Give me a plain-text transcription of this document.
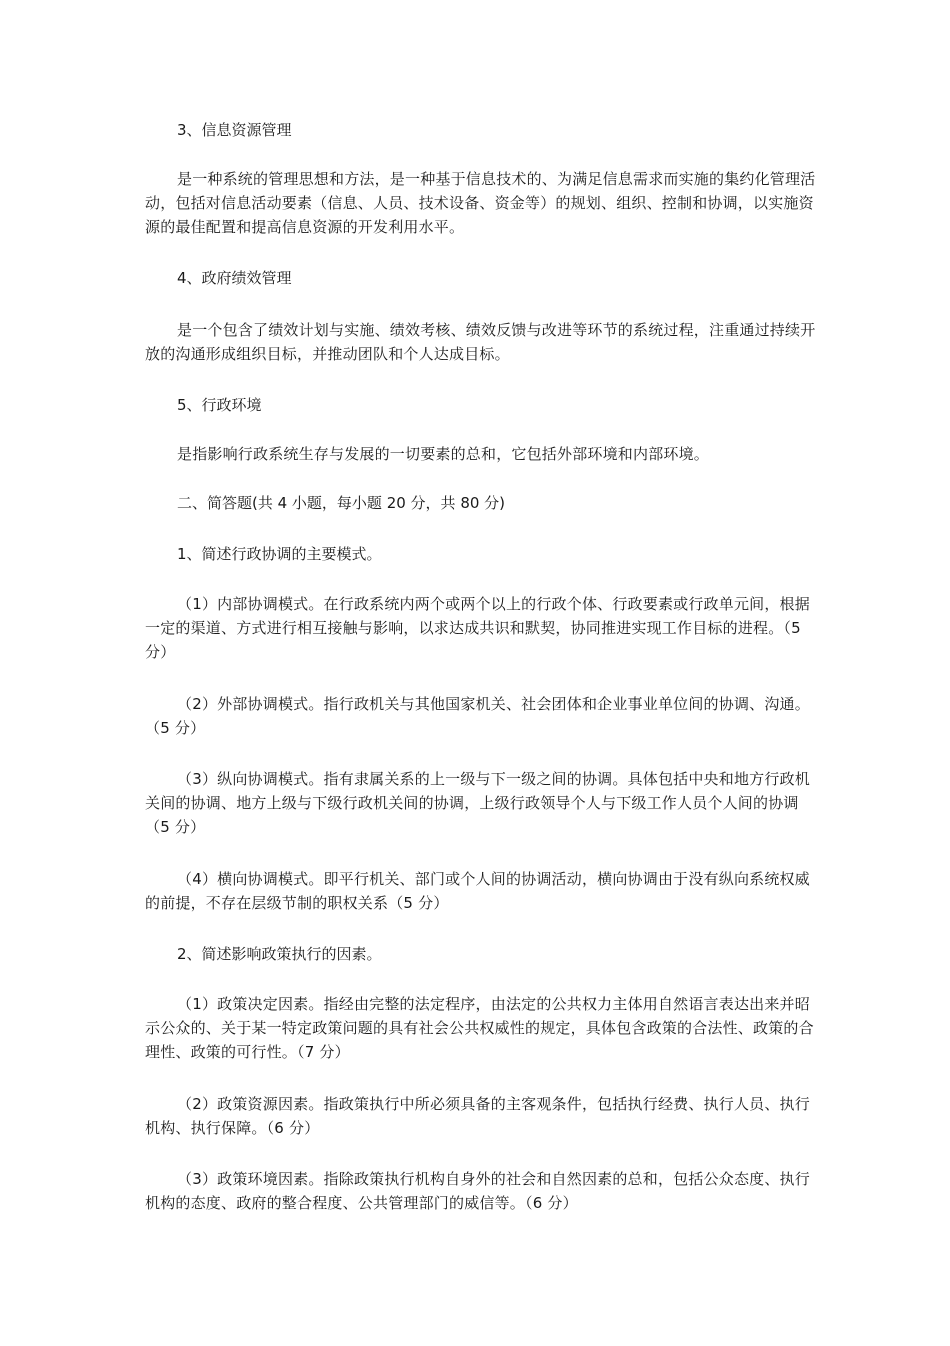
3、信息资源管理

是一种系统的管理思想和方法，是一种基于信息技术的、为满足信息需求而实施的集约化管理活动，包括对信息活动要素（信息、人员、技术设备、资金等）的规划、组织、控制和协调，以实施资源的最佳配置和提高信息资源的开发利用水平。

4、政府绩效管理

是一个包含了绩效计划与实施、绩效考核、绩效反馈与改进等环节的系统过程，注重通过持续开放的沟通形成组织目标，并推动团队和个人达成目标。

5、行政环境

是指影响行政系统生存与发展的一切要素的总和，它包括外部环境和内部环境。

二、简答题(共 4 小题，每小题 20 分，共 80 分)

1、简述行政协调的主要模式。

（1）内部协调模式。在行政系统内两个或两个以上的行政个体、行政要素或行政单元间，根据一定的渠道、方式进行相互接触与影响，以求达成共识和默契，协同推进实现工作目标的进程。（5 分）

（2）外部协调模式。指行政机关与其他国家机关、社会团体和企业事业单位间的协调、沟通。（5 分）

（3）纵向协调模式。指有隶属关系的上一级与下一级之间的协调。具体包括中央和地方行政机关间的协调、地方上级与下级行政机关间的协调，上级行政领导个人与下级工作人员个人间的协调（5 分）

（4）横向协调模式。即平行机关、部门或个人间的协调活动，横向协调由于没有纵向系统权威的前提，不存在层级节制的职权关系（5 分）

2、简述影响政策执行的因素。

（1）政策决定因素。指经由完整的法定程序，由法定的公共权力主体用自然语言表达出来并昭示公众的、关于某一特定政策问题的具有社会公共权威性的规定，具体包含政策的合法性、政策的合理性、政策的可行性。（7 分）

（2）政策资源因素。指政策执行中所必须具备的主客观条件，包括执行经费、执行人员、执行机构、执行保障。（6 分）

（3）政策环境因素。指除政策执行机构自身外的社会和自然因素的总和，包括公众态度、执行机构的态度、政府的整合程度、公共管理部门的威信等。（6 分）
